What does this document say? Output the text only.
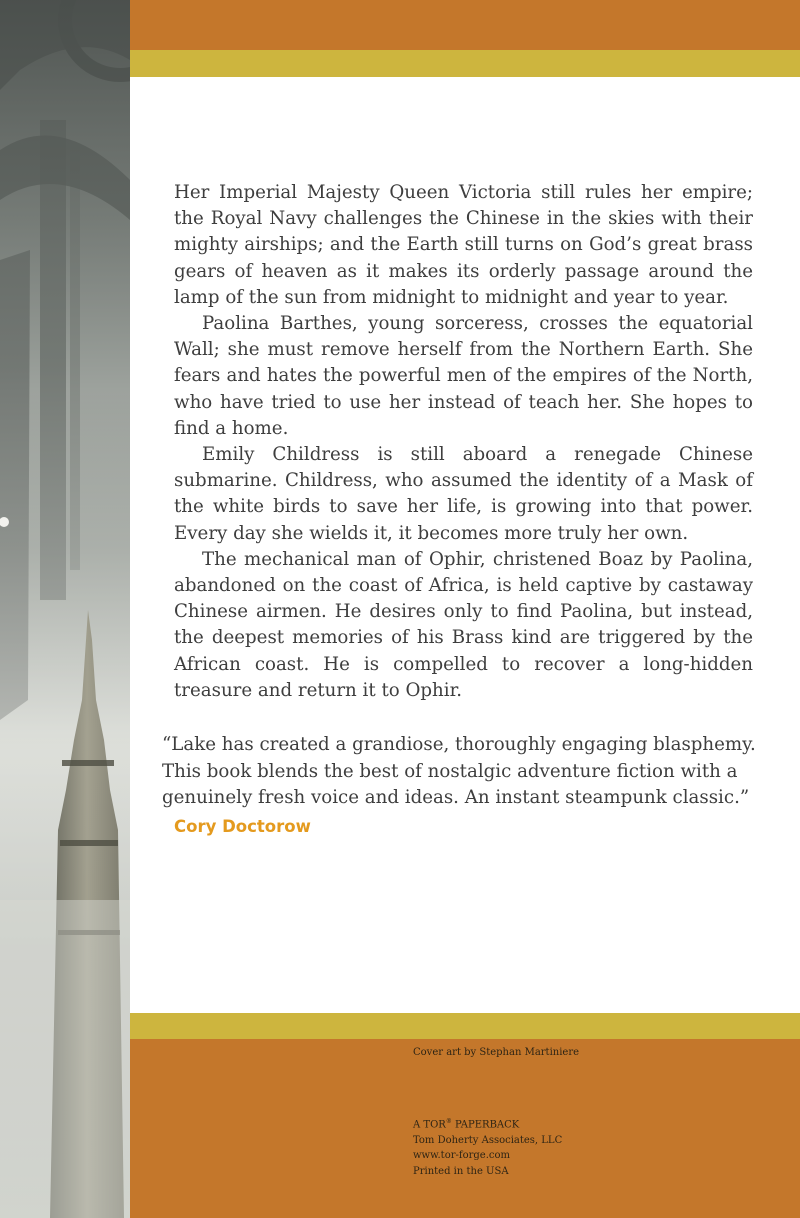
Her Imperial Majesty Queen Victoria still rules her empire; the Royal Navy challenges the Chinese in the skies with their mighty airships; and the Earth still turns on God’s great brass gears of heaven as it makes its orderly passage around the lamp of the sun from midnight to midnight and year to year.

Paolina Barthes, young sorceress, crosses the equatorial Wall; she must remove herself from the Northern Earth. She fears and hates the powerful men of the empires of the North, who have tried to use her instead of teach her. She hopes to find a home.

Emily Childress is still aboard a renegade Chinese submarine. Childress, who assumed the identity of a Mask of the white birds to save her life, is growing into that power. Every day she wields it, it becomes more truly her own.

The mechanical man of Ophir, christened Boaz by Paolina, abandoned on the coast of Africa, is held captive by castaway Chinese airmen. He desires only to find Paolina, but instead, the deepest memories of his Brass kind are triggered by the African coast. He is compelled to recover a long-hidden treasure and return it to Ophir.

“Lake has created a grandiose, thoroughly engaging blasphemy. This book blends the best of nostalgic adventure fiction with a genuinely fresh voice and ideas. An instant steampunk classic.”
Cory Doctorow
Cover art by Stephan Martiniere
A TOR® PAPERBACK
Tom Doherty Associates, LLC
www.tor-forge.com
Printed in the USA
